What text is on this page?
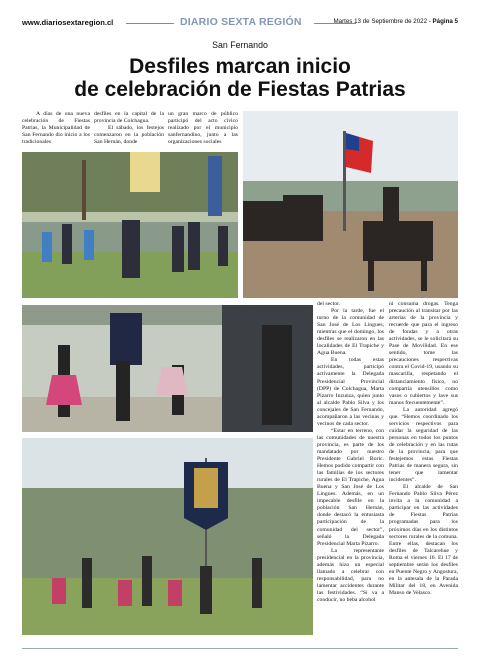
www.diariosextaregion.cl	DIARIO SEXTA REGIÓN	Martes 13 de Septiembre de 2022 - Página 5
San Fernando
Desfiles marcan inicio
de celebración de Fiestas Patrias

A días de una nueva celebración de Fiestas Patrias, la Municipalidad de San Fernando dio inicio a los tradicionales

desfiles en la capital de la provincia de Colchagua.

El sábado, los festejos comenzaron en la población San Hernán, donde

un gran marco de público participó del acto cívico realizado por el municipio sanfernandino, junto a las organizaciones sociales

del sector.

Por la tarde, fue el turno de la comunidad de San José de Los Lingues, mientras que el domingo, los desfiles se realizaron en las localidades de El Trapiche y Agua Buena.

En todas estas actividades, participó activamente la Delegada Presidencial Provincial (DPP) de Colchagua, Marta Pizarro Inzunza, quien junto al alcalde Pablo Silva y los concejales de San Fernando, acompañaron a las vecinas y vecinos de cada sector.

“Estar en terreno, con las comunidades de nuestra provincia, es parte de los mandatado por nuestro Presidente Gabriel Boric. Hemos podido compartir con las familias de los sectores rurales de El Trapiche, Agua Buena y San José de Los Lingues. Además, en un impecable desfile en la población San Hernán, donde destacó la entusiasta participación de la comunidad del sector”, señaló la Delegada Presidencial Marta Pizarro.

La representante presidencial en la provincia, además hizo un especial llamado a celebrar con responsabilidad, para no lamentar accidentes durante las festividades. “Si va a conducir, no beba alcohol

ni consuma drogas. Tenga precaución al transitar por las arterias de la provincia y recuerde que para el ingreso de fondas y a otras actividades, se le solicitará su Pase de Movilidad. En ese sentido, tome las precauciones respectivas contra el Covid-19, usando su mascarilla, respetando el distanciamiento físico, no compartía utensilios como vasos o cubiertos y lave sus manos frecuentemente”.

La autoridad agregó que. “Hemos coordinado los servicios respectivos para cuidar la seguridad de las personas en todos los puntos de celebración y en las rutas de la provincia, para que festejemos estas Fiestas Patrias de manera segura, sin tener que lamentar incidentes”.

El alcalde de San Fernando Pablo Silva Pérez invita a la comunidad a participar en las actividades de Fiestas Patrias programadas para los próximos días en los distintos sectores rurales de la comuna. Entre ellas, destacan los desfiles de Talcarehue y Roma el viernes 16. El 17 de septiembre serán los desfiles en Puente Negro y Angostura, en la antesala de la Parada Militar del 18, en Avenida Manso de Velasco.
